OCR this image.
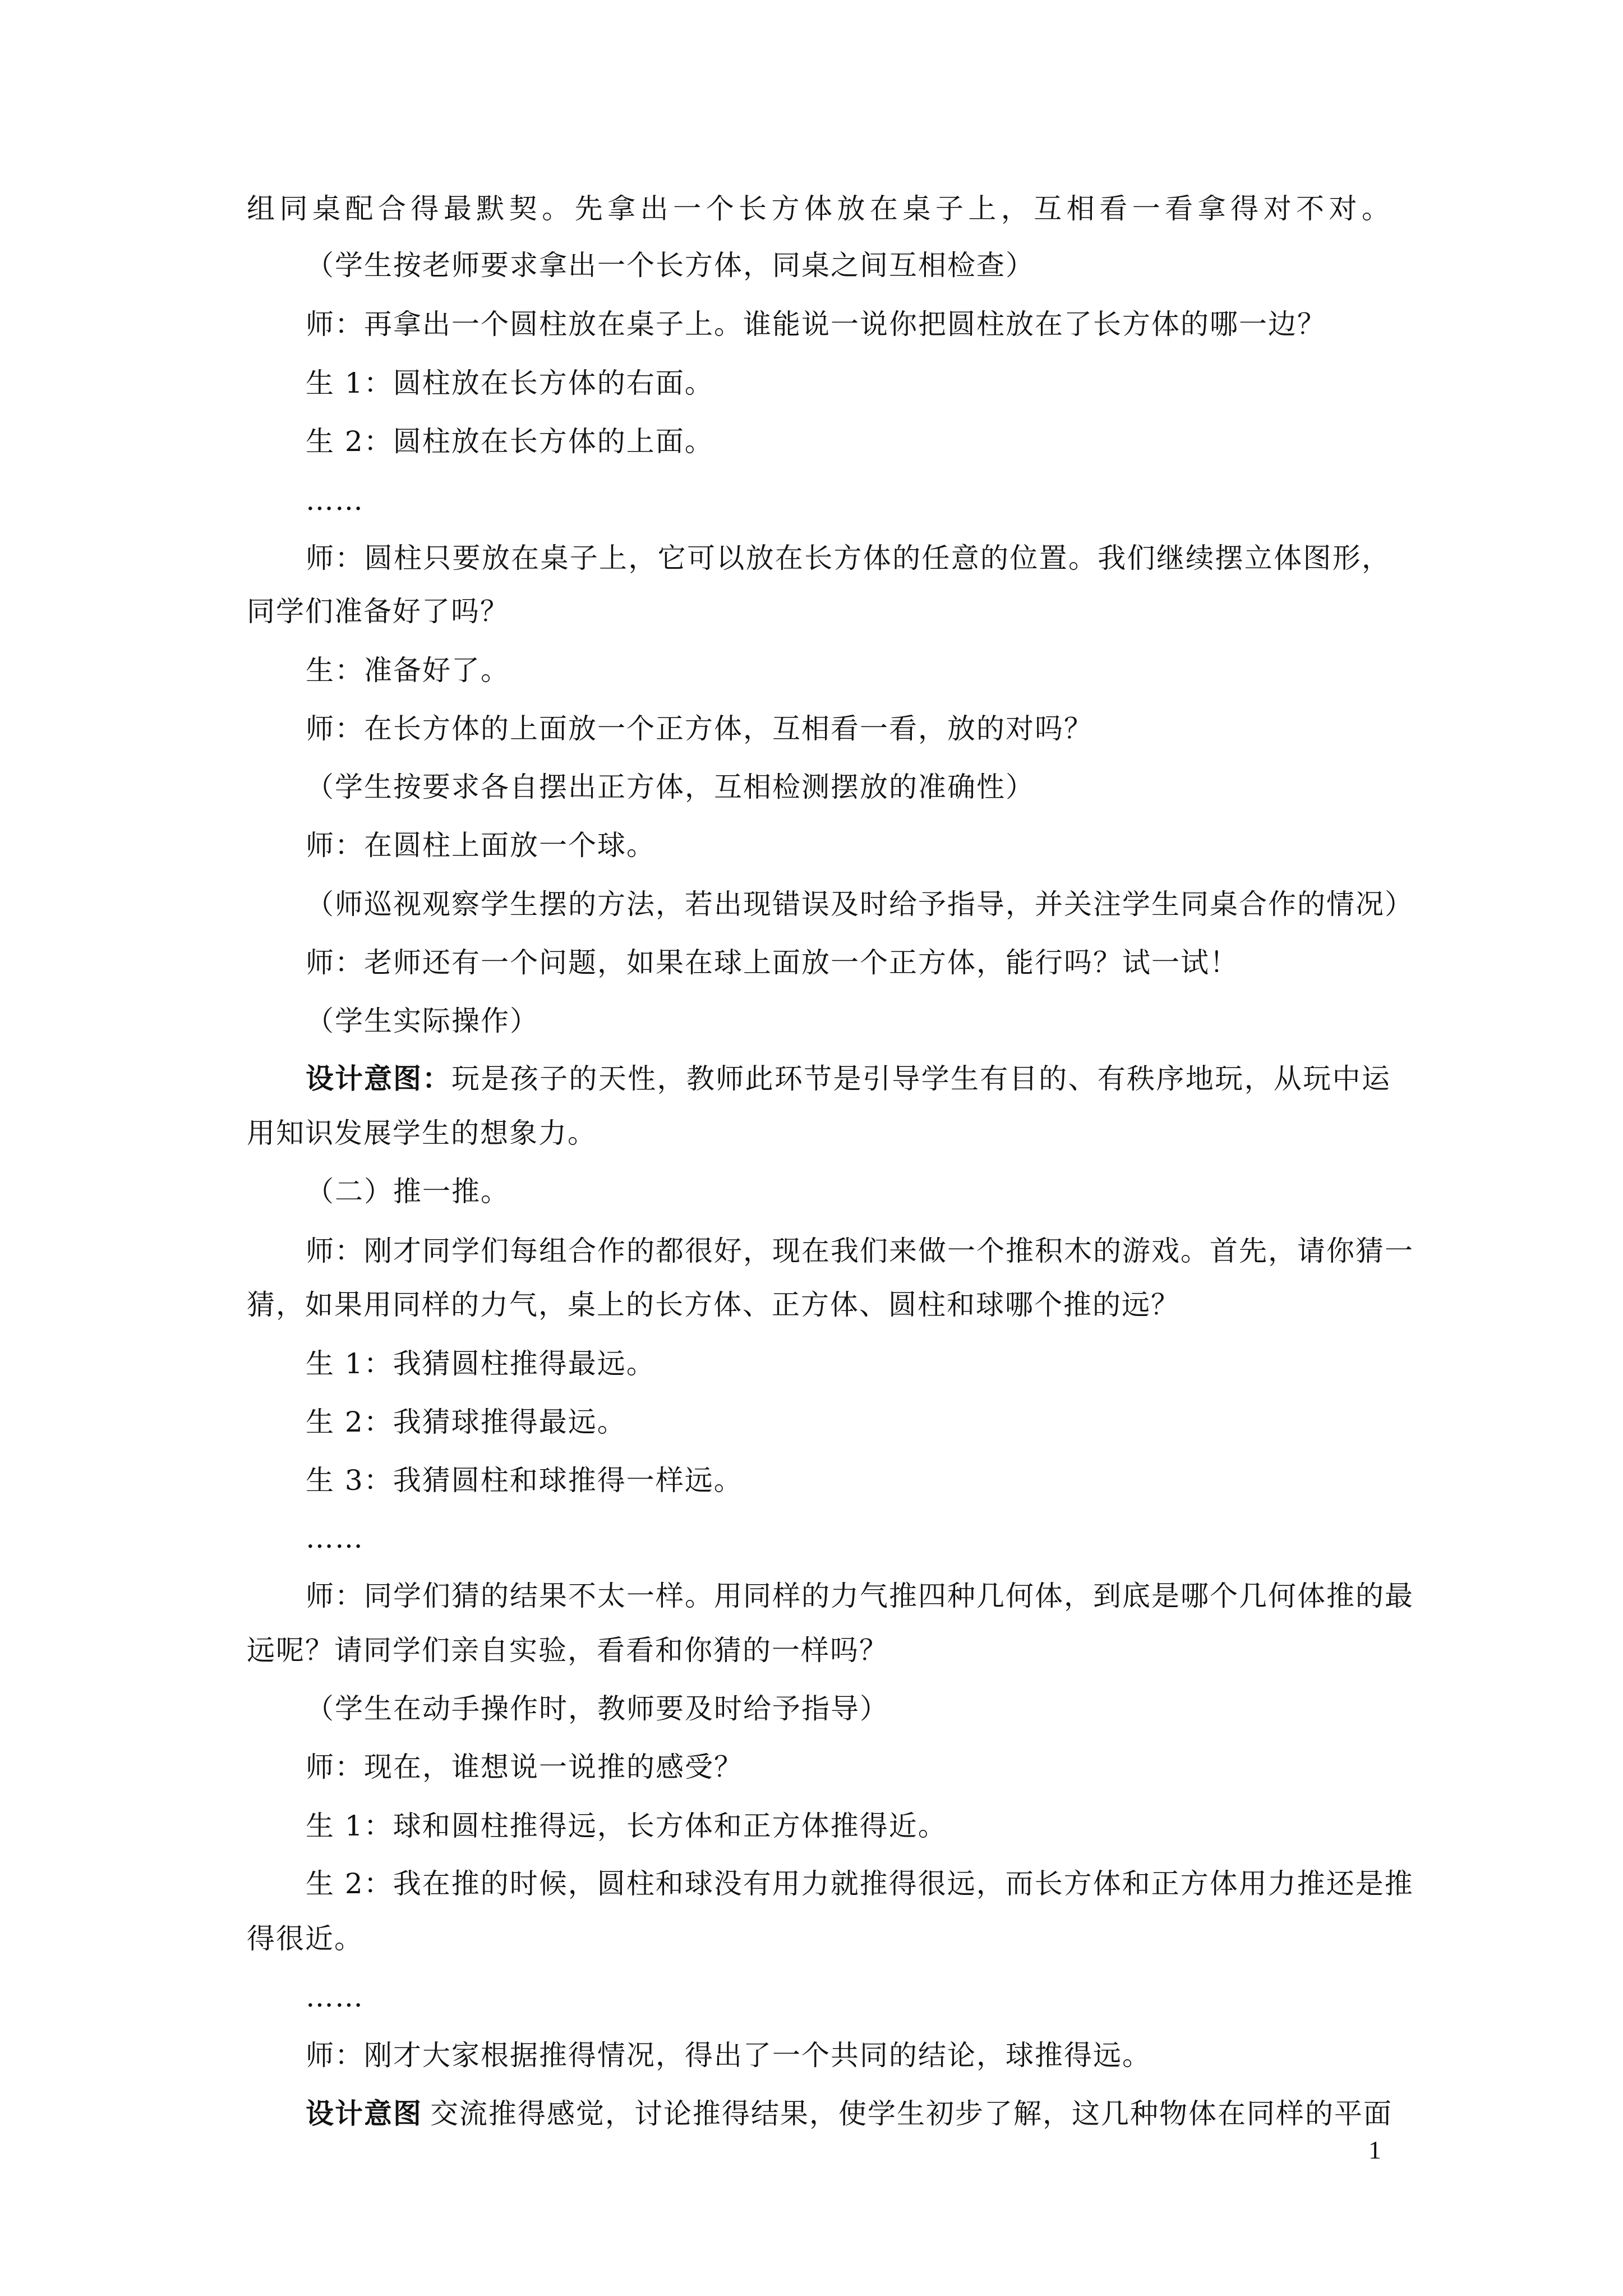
组同桌配合得最默契。先拿出一个长方体放在桌子上，互相看一看拿得对不对。
（学生按老师要求拿出一个长方体，同桌之间互相检查）
师：再拿出一个圆柱放在桌子上。谁能说一说你把圆柱放在了长方体的哪一边？
生 1：圆柱放在长方体的右面。
生 2：圆柱放在长方体的上面。
……
师：圆柱只要放在桌子上，它可以放在长方体的任意的位置。我们继续摆立体图形，
同学们准备好了吗？
生：准备好了。
师：在长方体的上面放一个正方体，互相看一看，放的对吗？
（学生按要求各自摆出正方体，互相检测摆放的准确性）
师：在圆柱上面放一个球。
（师巡视观察学生摆的方法，若出现错误及时给予指导，并关注学生同桌合作的情况）
师：老师还有一个问题，如果在球上面放一个正方体，能行吗？试一试！
（学生实际操作）
设计意图： 玩是孩子的天性，教师此环节是引导学生有目的、有秩序地玩，从玩中运
用知识发展学生的想象力。
（二）推一推。
师：刚才同学们每组合作的都很好，现在我们来做一个推积木的游戏。首先，请你猜一
猜，如果用同样的力气，桌上的长方体、正方体、圆柱和球哪个推的远？
生 1：我猜圆柱推得最远。
生 2：我猜球推得最远。
生 3：我猜圆柱和球推得一样远。
……
师：同学们猜的结果不太一样。用同样的力气推四种几何体，到底是哪个几何体推的最
远呢？请同学们亲自实验，看看和你猜的一样吗？
（学生在动手操作时，教师要及时给予指导）
师：现在，谁想说一说推的感受？
生 1：球和圆柱推得远，长方体和正方体推得近。
生 2：我在推的时候，圆柱和球没有用力就推得很远，而长方体和正方体用力推还是推
得很近。
……
师：刚才大家根据推得情况，得出了一个共同的结论，球推得远。
设计意图 交流推得感觉，讨论推得结果，使学生初步了解，这几种物体在同样的平面
1
